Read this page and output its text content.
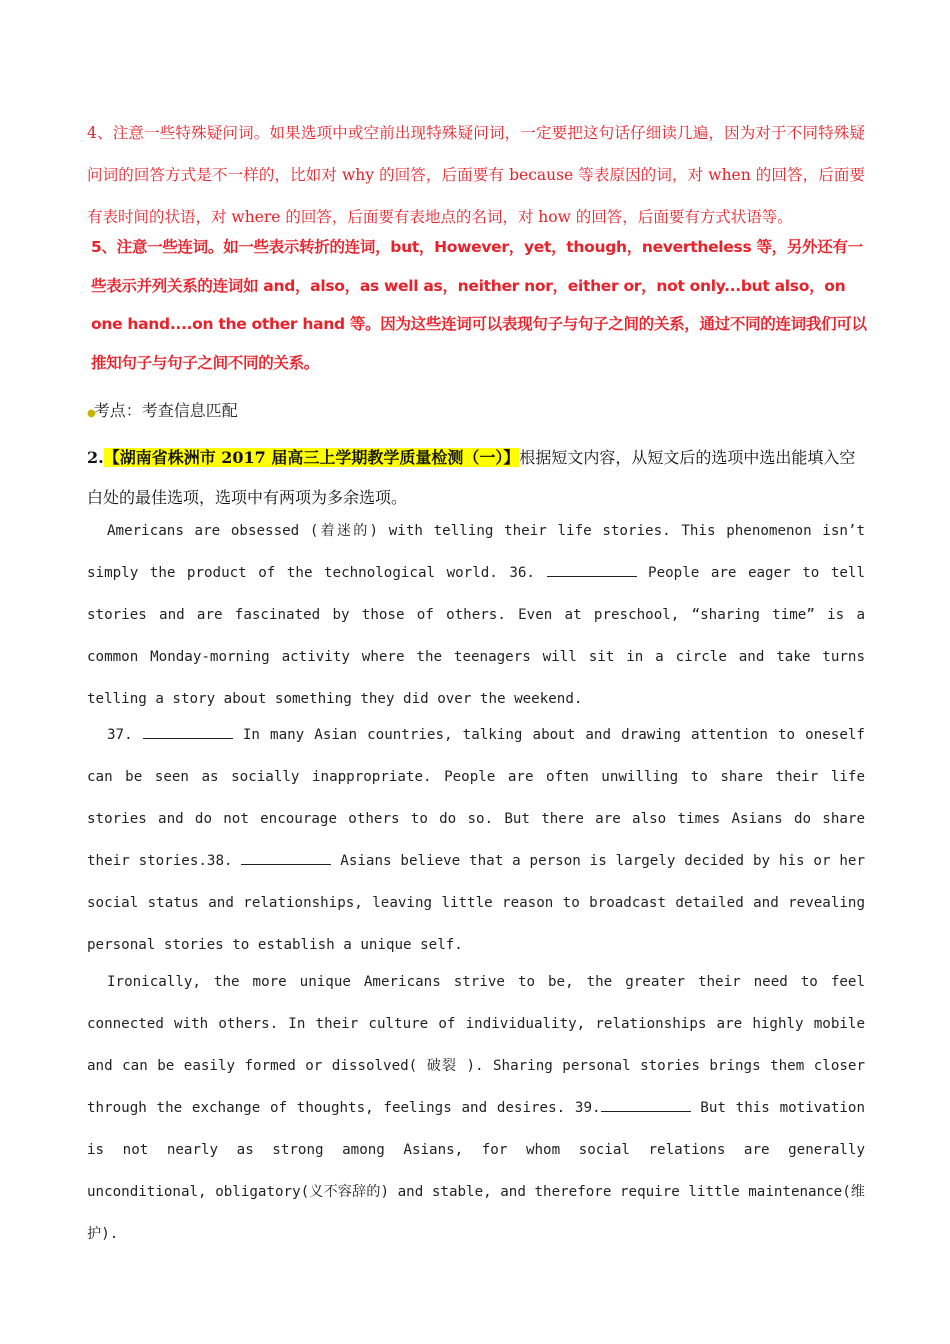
4、注意一些特殊疑问词。如果选项中或空前出现特殊疑问词，一定要把这句话仔细读几遍，因为对于不同特殊疑问词的回答方式是不一样的，比如对 why 的回答，后面要有 because 等表原因的词，对 when 的回答，后面要有表时间的状语，对 where 的回答，后面要有表地点的名词，对 how 的回答，后面要有方式状语等。
5、注意一些连词。如一些表示转折的连词，but，However，yet，though，nevertheless 等，另外还有一些表示并列关系的连词如 and，also，as well as，neither nor，either or，not only...but also，on one hand....on the other hand 等。因为这些连词可以表现句子与句子之间的关系，通过不同的连词我们可以推知句子与句子之间不同的关系。
●考点：考查信息匹配
2.【湖南省株洲市 2017 届高三上学期教学质量检测（一）】根据短文内容，从短文后的选项中选出能填入空白处的最佳选项，选项中有两项为多余选项。

Americans are obsessed (着迷的) with telling their life stories. This phenomenon isn’t simply the product of the technological world. 36.	People are eager to tell stories and are fascinated by those of others. Even at preschool, “sharing time” is a common Monday-morning activity where the teenagers will sit in a circle and take turns telling a story about something they did over the weekend.

37.	In many Asian countries, talking about and drawing attention to oneself can be seen as socially inappropriate. People are often unwilling to share their life stories and do not encourage others to do so. But there are also times Asians do share their stories.38.	Asians believe that a person is largely decided by his or her social status and relationships, leaving little reason to broadcast detailed and revealing personal stories to establish a unique self.

Ironically, the more unique Americans strive to be, the greater their need to feel connected with others. In their culture of individuality, relationships are highly mobile and can be easily formed or dissolved( 破裂 ). Sharing personal stories brings them closer through the exchange of thoughts, feelings and desires. 39.	But this motivation is not nearly as strong among Asians, for whom social relations are generally unconditional, obligatory(义不容辞的) and stable, and therefore require little maintenance(维护).
